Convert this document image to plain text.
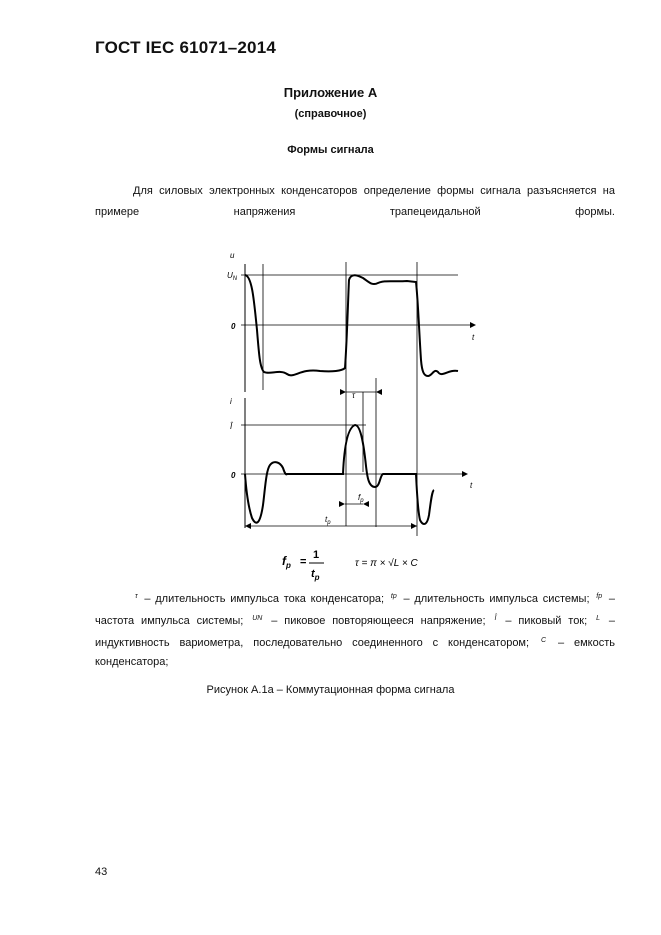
ГОСТ IEC 61071–2014
Приложение А
(справочное)
Формы сигнала
Для силовых электронных конденсаторов определение формы сигнала разъясняется на примере напряжения трапецеидальной формы.
u
t
$U_N$
τ
i
Î
t
$f_p$
$t_p$
0
0
$f_p$ =
1
$t_p$
τ = π × √L × C
$^\tau$ – длительность импульса тока конденсатора; $^{tp}$ – длительность импульса системы; $^{fp}$ – частота импульса системы; $^{UN}$ – пиковое повторяющееся напряжение; $^Î$ – пиковый ток; $^L$ – индуктивность вариометра, последовательно соединенного с конденсатором; $^C$ – емкость конденсатора;
Рисунок А.1а – Коммутационная форма сигнала
43
